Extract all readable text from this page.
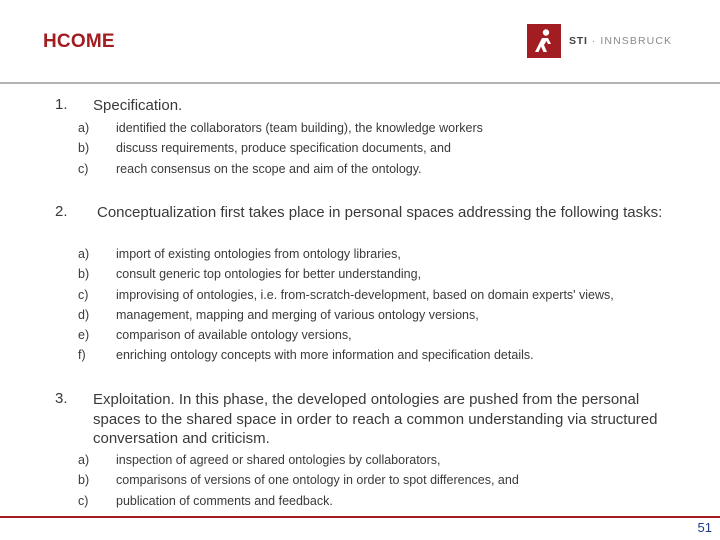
HCOME	STI · INNSBRUCK
1. Specification.
a) identified the collaborators (team building), the knowledge workers
b) discuss requirements, produce specification documents, and
c) reach consensus on the scope and aim of the ontology.
2. Conceptualization first takes place in personal spaces addressing the following tasks:
a) import of existing ontologies from ontology libraries,
b) consult generic top ontologies for better understanding,
c) improvising of ontologies, i.e. from-scratch-development, based on domain experts' views,
d) management, mapping and merging of various ontology versions,
e) comparison of available ontology versions,
f) enriching ontology concepts with more information and specification details.
3. Exploitation. In this phase, the developed ontologies are pushed from the personal spaces to the shared space in order to reach a common understanding via structured conversation and criticism.
a) inspection of agreed or shared ontologies by collaborators,
b) comparisons of versions of one ontology in order to spot differences, and
c) publication of comments and feedback.
51
